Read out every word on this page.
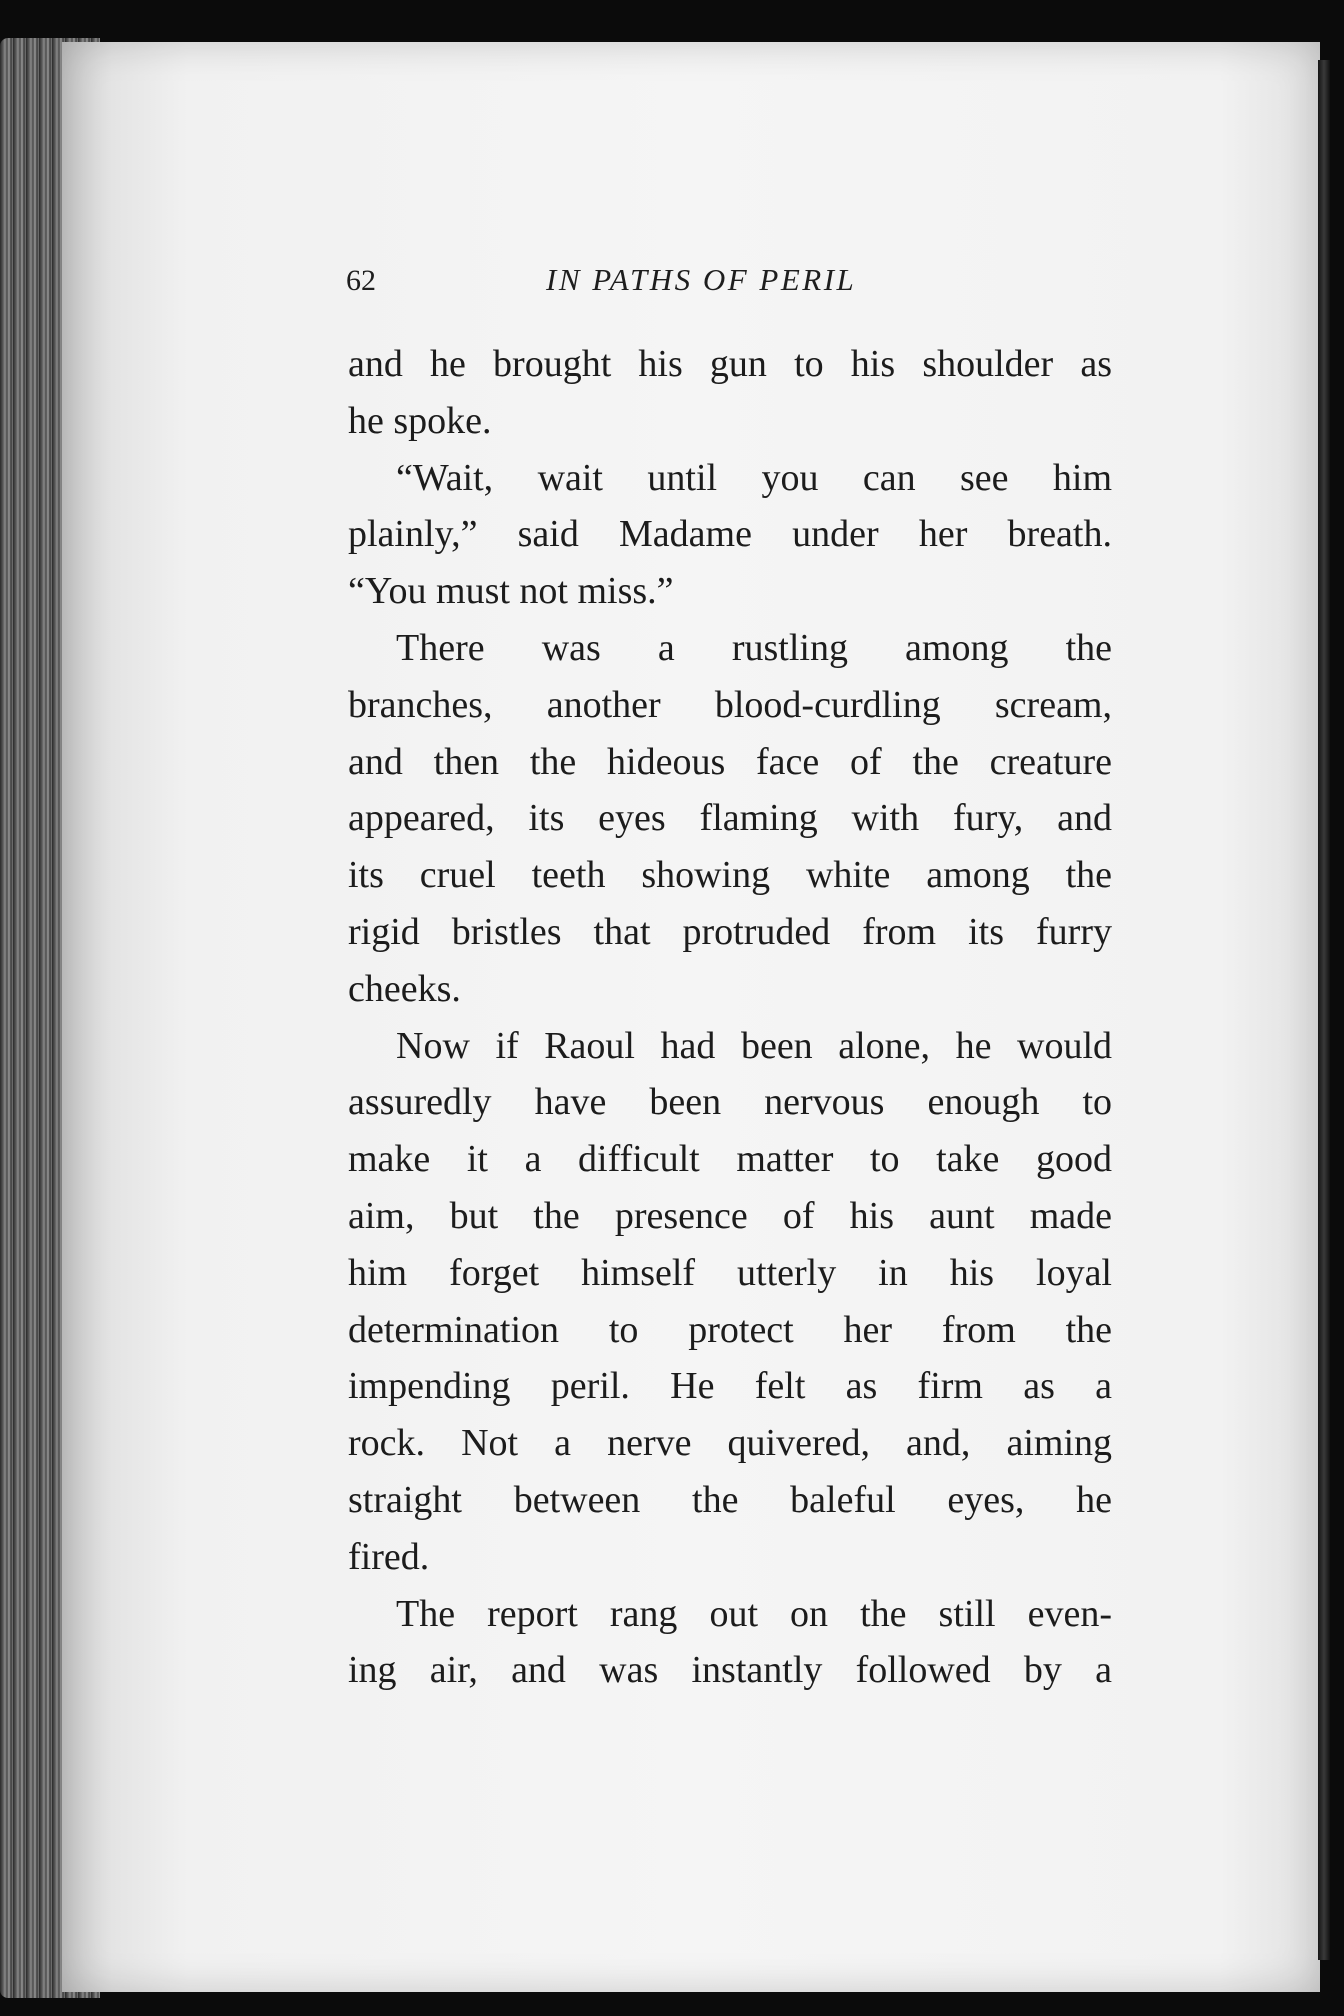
62	IN PATHS OF PERIL
and he brought his gun to his shoulder as
he spoke.
“Wait, wait until you can see him
plainly,” said Madame under her breath.
“You must not miss.”
There was a rustling among the
branches, another blood-curdling scream,
and then the hideous face of the creature
appeared, its eyes flaming with fury, and
its cruel teeth showing white among the
rigid bristles that protruded from its furry
cheeks.
Now if Raoul had been alone, he would
assuredly have been nervous enough to
make it a difficult matter to take good
aim, but the presence of his aunt made
him forget himself utterly in his loyal
determination to protect her from the
impending peril. He felt as firm as a
rock. Not a nerve quivered, and, aiming
straight between the baleful eyes, he
fired.
The report rang out on the still even-
ing air, and was instantly followed by a
